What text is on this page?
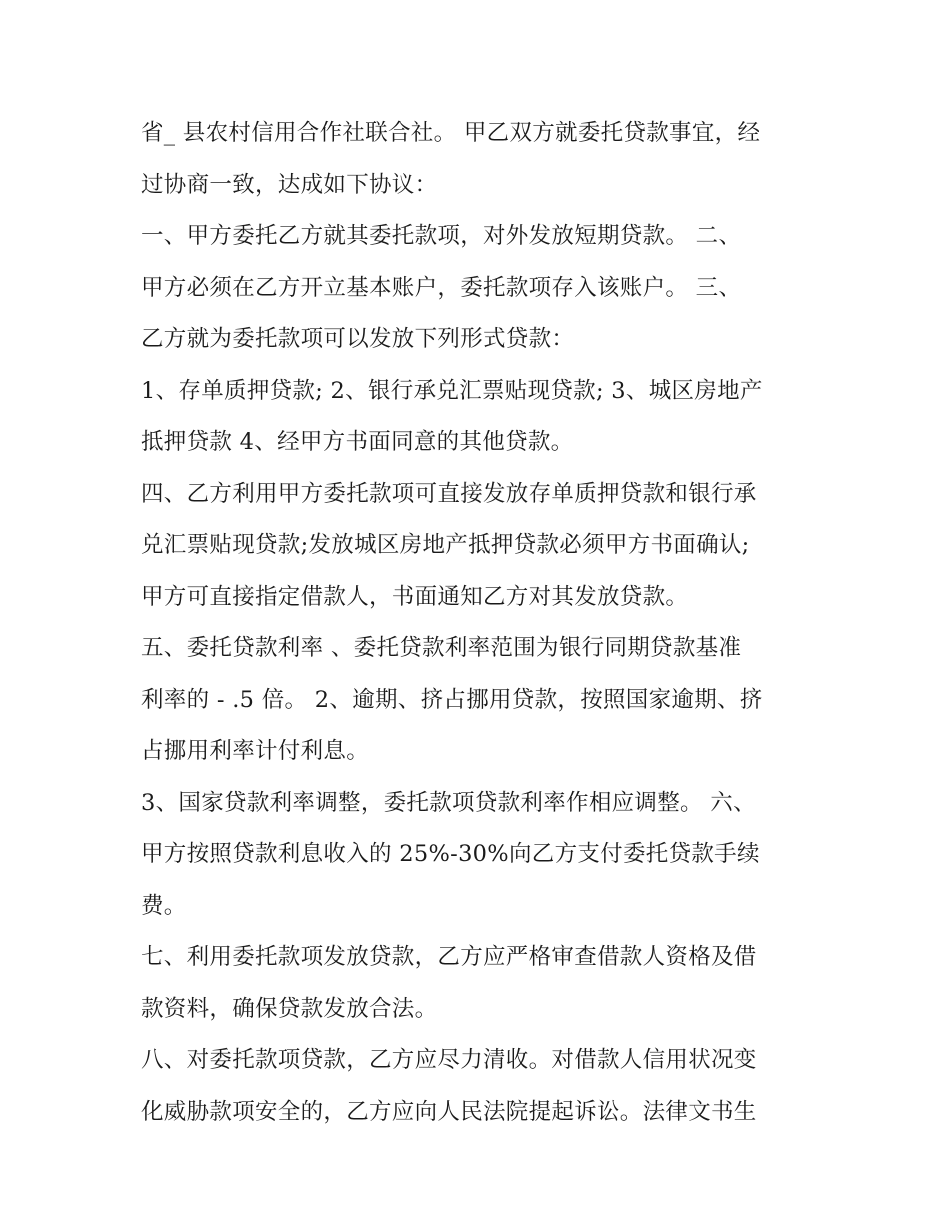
省_ 县农村信用合作社联合社。 甲乙双方就委托贷款事宜，经
过协商一致，达成如下协议：
一、甲方委托乙方就其委托款项，对外发放短期贷款。 二、
甲方必须在乙方开立基本账户，委托款项存入该账户。 三、
乙方就为委托款项可以发放下列形式贷款：
1、存单质押贷款; 2、银行承兑汇票贴现贷款; 3、城区房地产
抵押贷款 4、经甲方书面同意的其他贷款。
四、乙方利用甲方委托款项可直接发放存单质押贷款和银行承
兑汇票贴现贷款;发放城区房地产抵押贷款必须甲方书面确认;
甲方可直接指定借款人，书面通知乙方对其发放贷款。
五、委托贷款利率 、委托贷款利率范围为银行同期贷款基准
利率的 - .5 倍。 2、逾期、挤占挪用贷款，按照国家逾期、挤
占挪用利率计付利息。
3、国家贷款利率调整，委托款项贷款利率作相应调整。 六、
甲方按照贷款利息收入的 25%-30%向乙方支付委托贷款手续
费。
七、利用委托款项发放贷款，乙方应严格审查借款人资格及借
款资料，确保贷款发放合法。
八、对委托款项贷款，乙方应尽力清收。对借款人信用状况变
化威胁款项安全的，乙方应向人民法院提起诉讼。法律文书生
